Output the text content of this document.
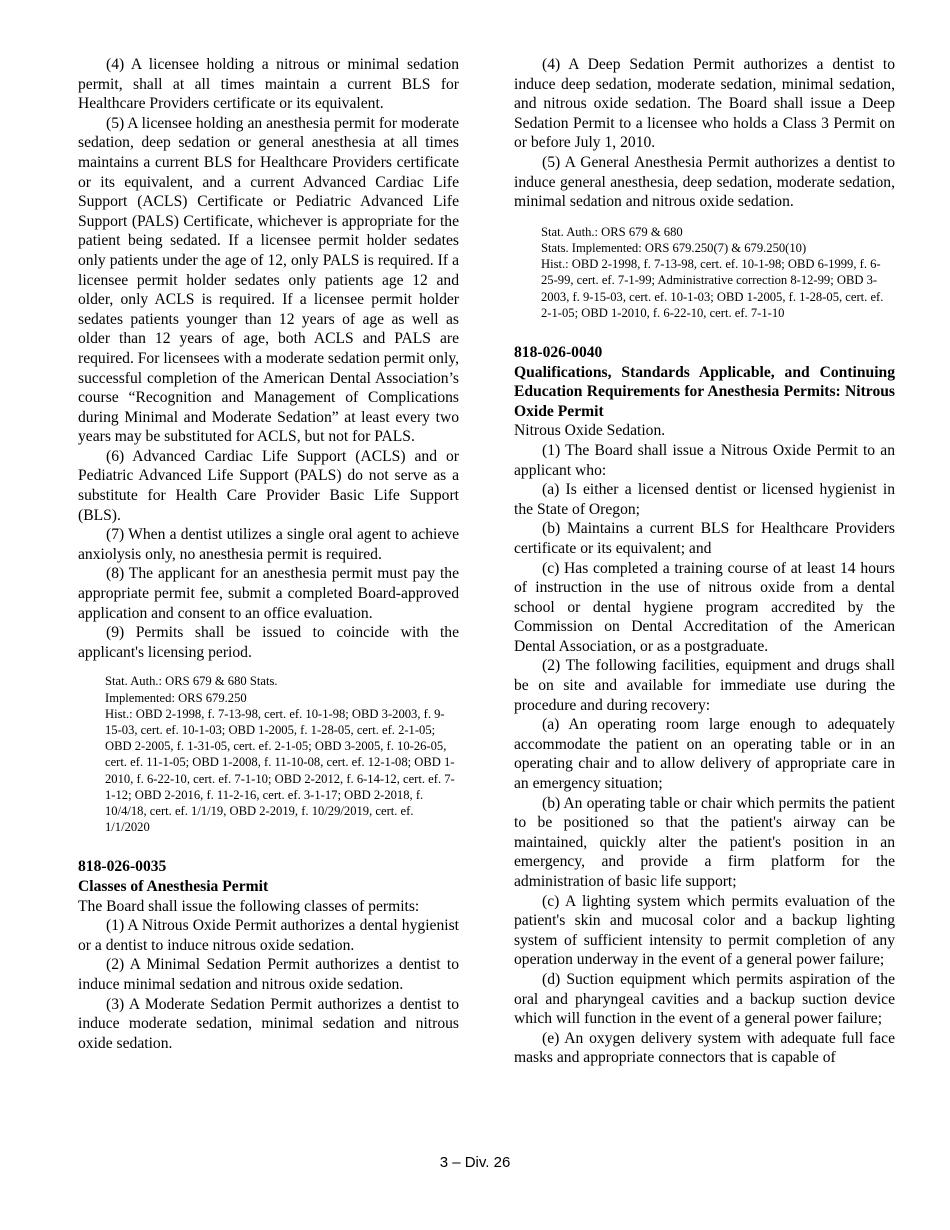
(4) A licensee holding a nitrous or minimal sedation permit, shall at all times maintain a current BLS for Healthcare Providers certificate or its equivalent.

(5) A licensee holding an anesthesia permit for moderate sedation, deep sedation or general anesthesia at all times maintains a current BLS for Healthcare Providers certificate or its equivalent, and a current Advanced Cardiac Life Support (ACLS) Certificate or Pediatric Advanced Life Support (PALS) Certificate, whichever is appropriate for the patient being sedated. If a licensee permit holder sedates only patients under the age of 12, only PALS is required. If a licensee permit holder sedates only patients age 12 and older, only ACLS is required. If a licensee permit holder sedates patients younger than 12 years of age as well as older than 12 years of age, both ACLS and PALS are required. For licensees with a moderate sedation permit only, successful completion of the American Dental Association’s course “Recognition and Management of Complications during Minimal and Moderate Sedation” at least every two years may be substituted for ACLS, but not for PALS.

(6) Advanced Cardiac Life Support (ACLS) and or Pediatric Advanced Life Support (PALS) do not serve as a substitute for Health Care Provider Basic Life Support (BLS).

(7) When a dentist utilizes a single oral agent to achieve anxiolysis only, no anesthesia permit is required.

(8) The applicant for an anesthesia permit must pay the appropriate permit fee, submit a completed Board-approved application and consent to an office evaluation.

(9) Permits shall be issued to coincide with the applicant's licensing period.

Stat. Auth.: ORS 679 & 680 Stats.
Implemented: ORS 679.250
Hist.: OBD 2-1998, f. 7-13-98, cert. ef. 10-1-98; OBD 3-2003, f. 9-15-03, cert. ef. 10-1-03; OBD 1-2005, f. 1-28-05, cert. ef. 2-1-05; OBD 2-2005, f. 1-31-05, cert. ef. 2-1-05; OBD 3-2005, f. 10-26-05, cert. ef. 11-1-05; OBD 1-2008, f. 11-10-08, cert. ef. 12-1-08; OBD 1-2010, f. 6-22-10, cert. ef. 7-1-10; OBD 2-2012, f. 6-14-12, cert. ef. 7-1-12; OBD 2-2016, f. 11-2-16, cert. ef. 3-1-17; OBD 2-2018, f. 10/4/18, cert. ef. 1/1/19, OBD 2-2019, f. 10/29/2019, cert. ef. 1/1/2020

818-026-0035

Classes of Anesthesia Permit

The Board shall issue the following classes of permits:

(1) A Nitrous Oxide Permit authorizes a dental hygienist or a dentist to induce nitrous oxide sedation.

(2) A Minimal Sedation Permit authorizes a dentist to induce minimal sedation and nitrous oxide sedation.

(3) A Moderate Sedation Permit authorizes a dentist to induce moderate sedation, minimal sedation and nitrous oxide sedation.

(4) A Deep Sedation Permit authorizes a dentist to induce deep sedation, moderate sedation, minimal sedation, and nitrous oxide sedation. The Board shall issue a Deep Sedation Permit to a licensee who holds a Class 3 Permit on or before July 1, 2010.

(5) A General Anesthesia Permit authorizes a dentist to induce general anesthesia, deep sedation, moderate sedation, minimal sedation and nitrous oxide sedation.

Stat. Auth.: ORS 679 & 680
Stats. Implemented: ORS 679.250(7) & 679.250(10)
Hist.: OBD 2-1998, f. 7-13-98, cert. ef. 10-1-98; OBD 6-1999, f. 6-25-99, cert. ef. 7-1-99; Administrative correction 8-12-99; OBD 3-2003, f. 9-15-03, cert. ef. 10-1-03; OBD 1-2005, f. 1-28-05, cert. ef. 2-1-05; OBD 1-2010, f. 6-22-10, cert. ef. 7-1-10

818-026-0040

Qualifications, Standards Applicable, and Continuing Education Requirements for Anesthesia Permits: Nitrous Oxide Permit

Nitrous Oxide Sedation.

(1) The Board shall issue a Nitrous Oxide Permit to an applicant who:

(a) Is either a licensed dentist or licensed hygienist in the State of Oregon;

(b) Maintains a current BLS for Healthcare Providers certificate or its equivalent; and

(c) Has completed a training course of at least 14 hours of instruction in the use of nitrous oxide from a dental school or dental hygiene program accredited by the Commission on Dental Accreditation of the American Dental Association, or as a postgraduate.

(2) The following facilities, equipment and drugs shall be on site and available for immediate use during the procedure and during recovery:

(a) An operating room large enough to adequately accommodate the patient on an operating table or in an operating chair and to allow delivery of appropriate care in an emergency situation;

(b) An operating table or chair which permits the patient to be positioned so that the patient's airway can be maintained, quickly alter the patient's position in an emergency, and provide a firm platform for the administration of basic life support;

(c) A lighting system which permits evaluation of the patient's skin and mucosal color and a backup lighting system of sufficient intensity to permit completion of any operation underway in the event of a general power failure;

(d) Suction equipment which permits aspiration of the oral and pharyngeal cavities and a backup suction device which will function in the event of a general power failure;

(e) An oxygen delivery system with adequate full face masks and appropriate connectors that is capable of

3 – Div. 26
